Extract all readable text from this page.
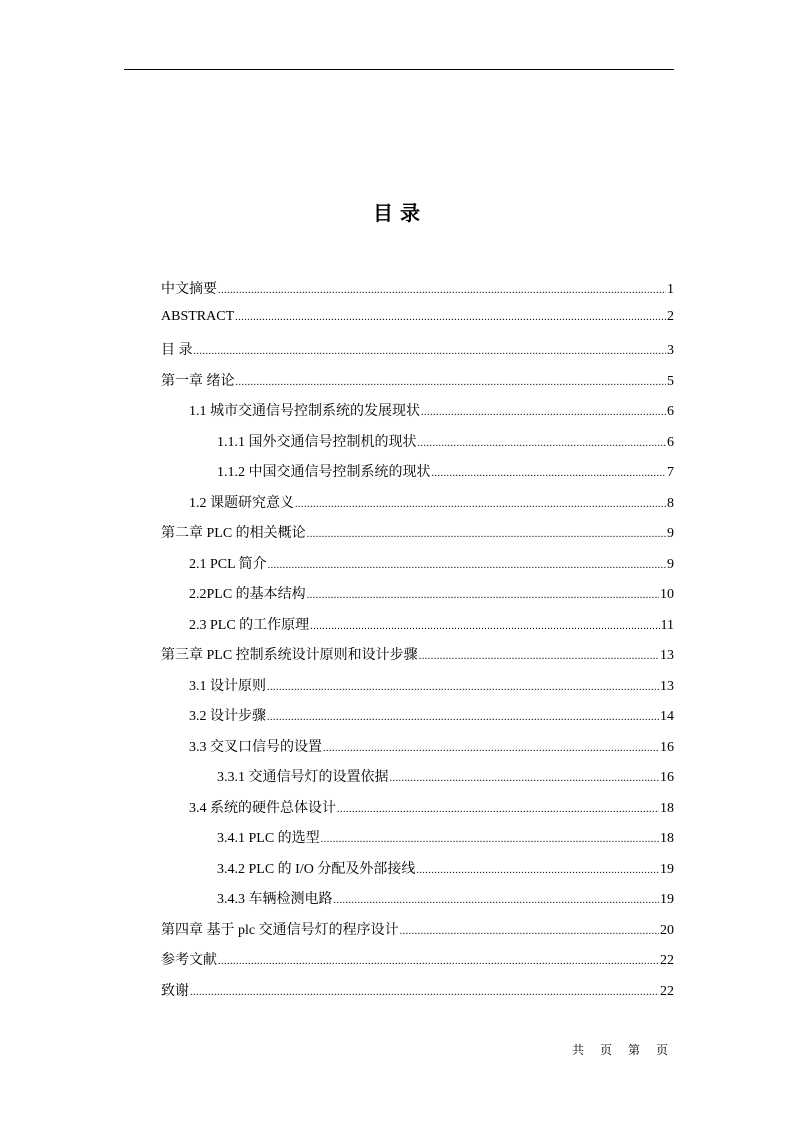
目 录
中文摘要 .....	1
ABSTRACT .....	2
目 录 .....	3
第一章 绪论 .....	5
1.1 城市交通信号控制系统的发展现状 .....	6
1.1.1 国外交通信号控制机的现状 .....	6
1.1.2 中国交通信号控制系统的现状 .....	7
1.2 课题研究意义 .....	8
第二章 PLC 的相关概论 .....	9
2.1 PCL 简介 .....	9
2.2PLC 的基本结构 .....	10
2.3 PLC 的工作原理 .....	11
第三章 PLC 控制系统设计原则和设计步骤 .....	13
3.1 设计原则 .....	13
3.2 设计步骤 .....	14
3.3 交叉口信号的设置 .....	16
3.3.1 交通信号灯的设置依据 .....	16
3.4 系统的硬件总体设计 .....	18
3.4.1 PLC 的选型 .....	18
3.4.2 PLC 的 I/O 分配及外部接线 .....	19
3.4.3 车辆检测电路 .....	19
第四章 基于 plc 交通信号灯的程序设计 .....	20
参考文献 .....	22
致谢 .....	22
共 页 第 页
